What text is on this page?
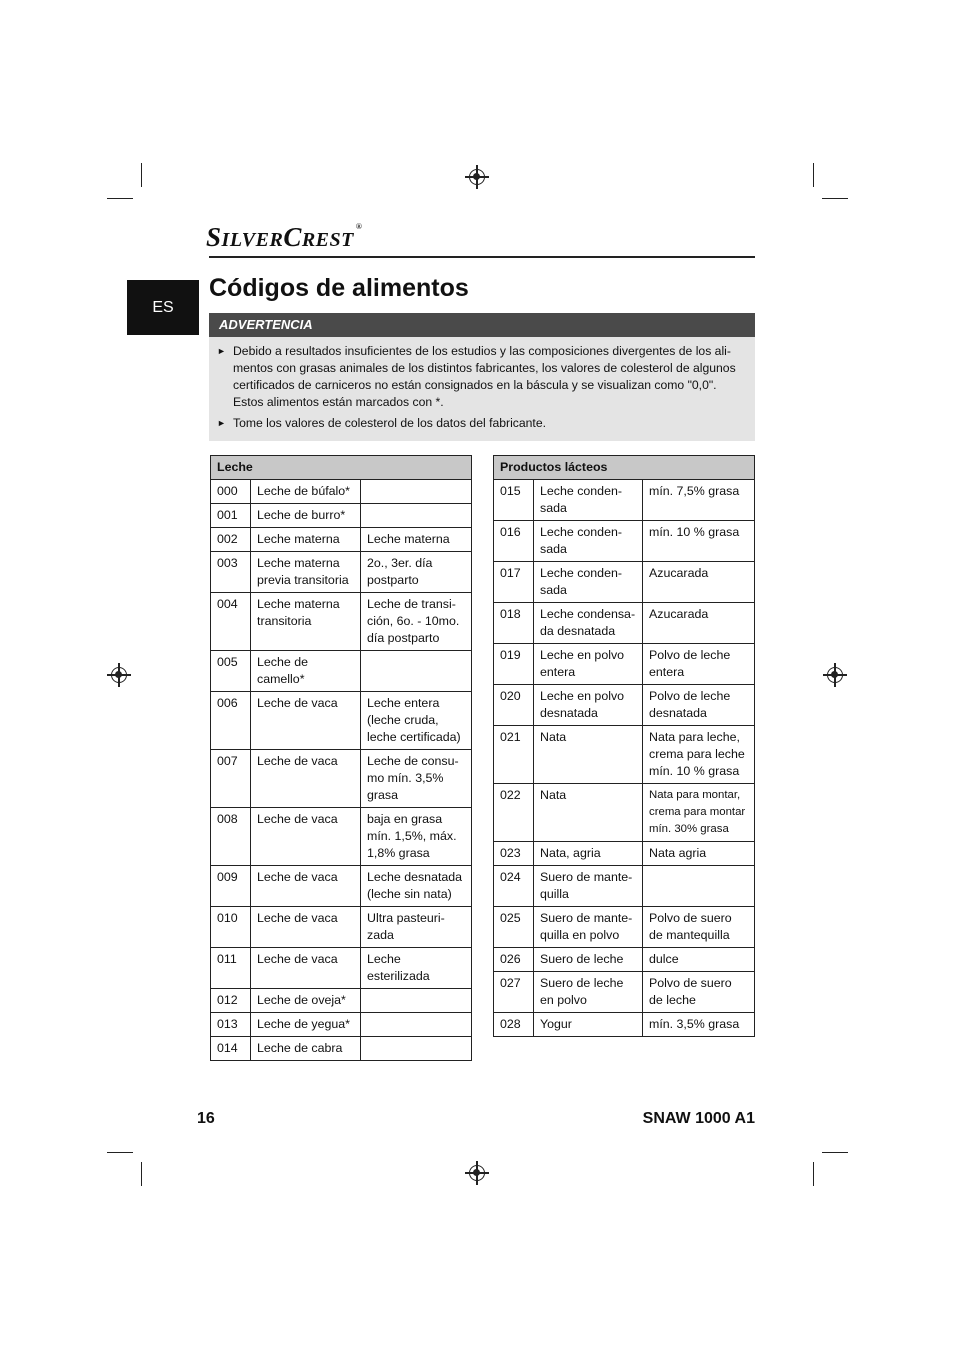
SILVERCREST®
ES
Códigos de alimentos
ADVERTENCIA
► Debido a resultados insuficientes de los estudios y las composiciones divergentes de los ali-mentos con grasas animales de los distintos fabricantes, los valores de colesterol de algunos certificados de carniceros no están consignados en la báscula y se visualizan como "0,0". Estos alimentos están marcados con *.
► Tome los valores de colesterol de los datos del fabricante.
Leche		
000	Leche de búfalo*	
001	Leche de burro*	
002	Leche materna	Leche materna
003	Leche materna previa transitoria	2o., 3er. día postparto
004	Leche materna transitoria	Leche de transi-ción, 6o. - 10mo. día postparto
005	Leche de camello*	
006	Leche de vaca	Leche entera (leche cruda, leche certificada)
007	Leche de vaca	Leche de consu-mo mín. 3,5% grasa
008	Leche de vaca	baja en grasa mín. 1,5%, máx. 1,8% grasa
009	Leche de vaca	Leche desnatada (leche sin nata)
010	Leche de vaca	Ultra pasteuri-zada
011	Leche de vaca	Leche esterilizada
012	Leche de oveja*	
013	Leche de yegua*	
014	Leche de cabra	
Productos lácteos		
015	Leche conden-sada	mín. 7,5% grasa
016	Leche conden-sada	mín. 10 % grasa
017	Leche conden-sada	Azucarada
018	Leche condensa-da desnatada	Azucarada
019	Leche en polvo entera	Polvo de leche entera
020	Leche en polvo desnatada	Polvo de leche desnatada
021	Nata	Nata para leche, crema para leche mín. 10 % grasa
022	Nata	Nata para montar, crema para montar mín. 30% grasa
023	Nata, agria	Nata agria
024	Suero de mante-quilla	
025	Suero de mante-quilla en polvo	Polvo de suero de mantequilla
026	Suero de leche	dulce
027	Suero de leche en polvo	Polvo de suero de leche
028	Yogur	mín. 3,5% grasa
16	SNAW 1000 A1
